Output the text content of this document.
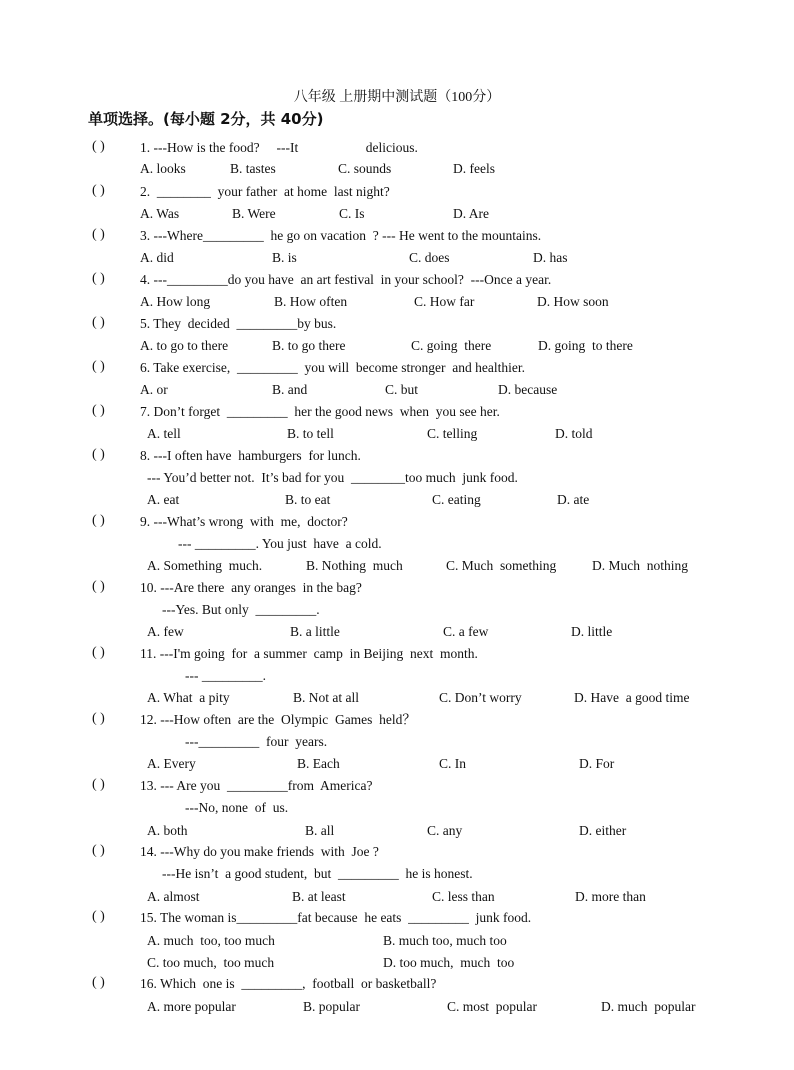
八年级 上册期中测试题（100分）
单项选择。(每小题 2分，共 40分)
( )	1. ---How is the food?     ---It                    delicious.
A. looks	B. tastes	C. sounds	D. feels
( )	2.  ________  your father  at home  last night?
A. Was	B. Were	C. Is	D. Are
( )	3. ---Where_________  he go on vacation  ? --- He went to the mountains.
A. did	B. is	C. does	D. has
( )	4. ---_________do you have  an art festival  in your school?  ---Once a year.
A. How long	B. How often	C. How far	D. How soon
( )	5. They  decided  _________by bus.
A. to go to there	B. to go there	C. going  there	D. going  to there
( )	6. Take exercise,  _________  you will  become stronger  and healthier.
A. or	B. and	C. but	D. because
( )	7. Don’t forget  _________  her the good news  when  you see her.
A. tell	B. to tell	C. telling	D. told
( )	8. ---I often have  hamburgers  for lunch.
--- You’d better not.  It’s bad for you  ________too much  junk food.
A. eat	B. to eat	C. eating	D. ate
( )	9. ---What’s wrong  with  me,  doctor?
--- _________. You just  have  a cold.
A. Something  much.	B. Nothing  much	C. Much  something	D. Much  nothing
( )	10. ---Are there  any oranges  in the bag?
---Yes. But only  _________.
A. few	B. a little	C. a few	D. little
( )	11. ---I'm going  for  a summer  camp  in Beijing  next  month.
--- _________.
A. What  a pity	B. Not at all	C. Don’t worry	D. Have  a good time
( )	12. ---How often  are the  Olympic  Games  held？
---_________  four  years.
A. Every	B. Each	C. In	D. For
( )	13. --- Are you  _________from  America?
---No, none  of  us.
A. both	B. all	C. any	D. either
( )	14. ---Why do you make friends  with  Joe ?
---He isn’t  a good student,  but  _________  he is honest.
A. almost	B. at least	C. less than	D. more than
( )	15. The woman is_________fat because  he eats  _________  junk food.
A. much  too, too much	B. much too, much too
C. too much,  too much	D. too much,  much  too
( )	16. Which  one is  _________,  football  or basketball?
A. more popular	B. popular	C. most  popular	D. much  popular
